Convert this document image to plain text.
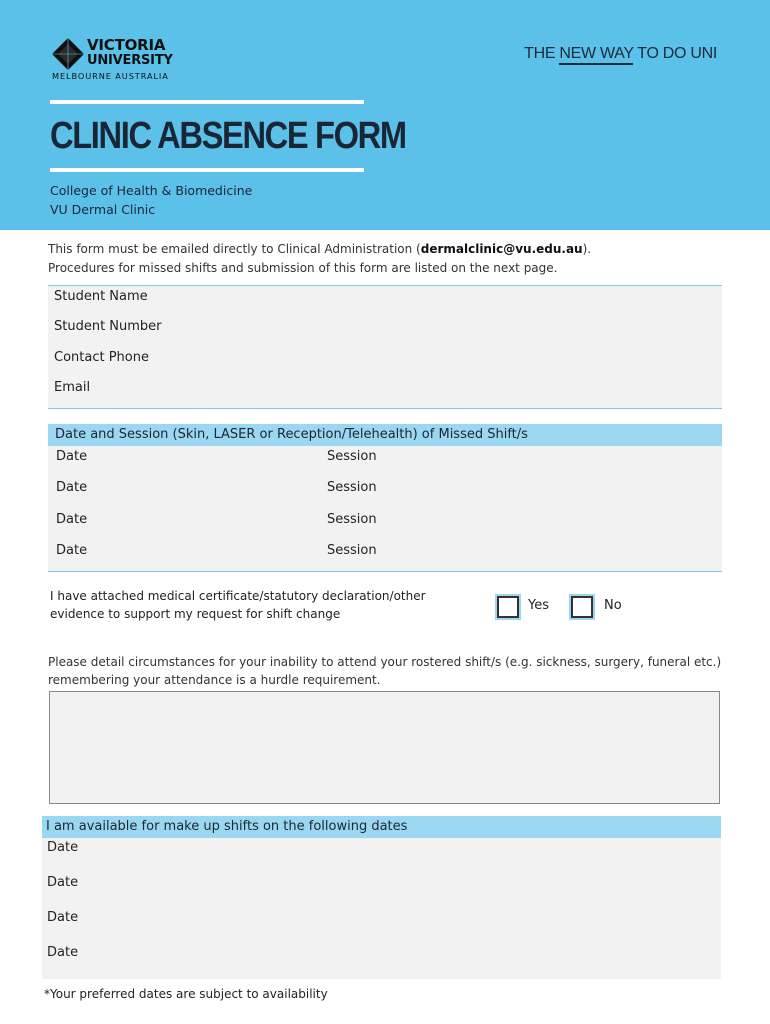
VICTORIA
UNIVERSITY
MELBOURNE AUSTRALIA
THE NEW WAY TO DO UNI
CLINIC ABSENCE FORM
College of Health & Biomedicine
VU Dermal Clinic
This form must be emailed directly to Clinical Administration (dermalclinic@vu.edu.au).
Procedures for missed shifts and submission of this form are listed on the next page.
Student Name
Student Number
Contact Phone
Email
Date and Session (Skin, LASER or Reception/Telehealth) of Missed Shift/s
Date	Session
Date	Session
Date	Session
Date	Session
I have attached medical certificate/statutory declaration/other
evidence to support my request for shift change
Yes	No
Please detail circumstances for your inability to attend your rostered shift/s (e.g. sickness, surgery, funeral etc.)
remembering your attendance is a hurdle requirement.
I am available for make up shifts on the following dates
Date
Date
Date
Date
*Your preferred dates are subject to availability
